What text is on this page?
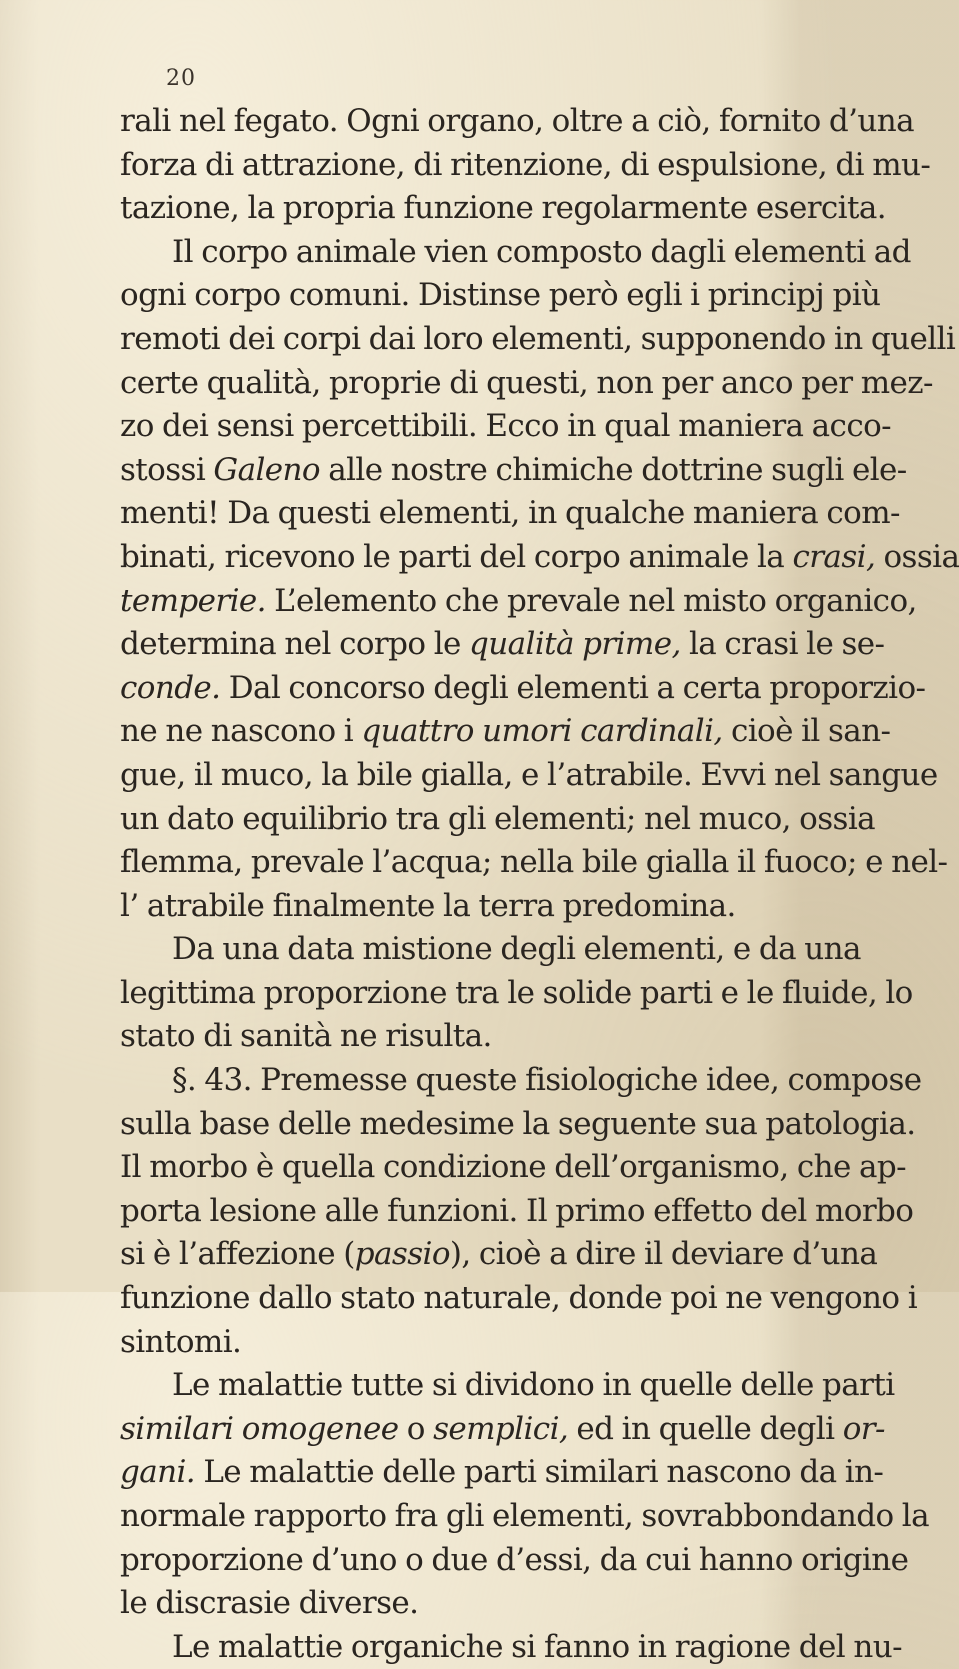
20
rali nel fegato. Ogni organo, oltre a ciò, fornito d’una
forza di attrazione, di ritenzione, di espulsione, di mu-
tazione, la propria funzione regolarmente esercita.
Il corpo animale vien composto dagli elementi ad
ogni corpo comuni. Distinse però egli i principj più
remoti dei corpi dai loro elementi, supponendo in quelli
certe qualità, proprie di questi, non per anco per mez-
zo dei sensi percettibili. Ecco in qual maniera acco-
stossi Galeno alle nostre chimiche dottrine sugli ele-
menti! Da questi elementi, in qualche maniera com-
binati, ricevono le parti del corpo animale la crasi, ossia
temperie. L’elemento che prevale nel misto organico,
determina nel corpo le qualità prime, la crasi le se-
conde. Dal concorso degli elementi a certa proporzio-
ne ne nascono i quattro umori cardinali, cioè il san-
gue, il muco, la bile gialla, e l’atrabile. Evvi nel sangue
un dato equilibrio tra gli elementi; nel muco, ossia
flemma, prevale l’acqua; nella bile gialla il fuoco; e nel-
l’ atrabile finalmente la terra predomina.
Da una data mistione degli elementi, e da una
legittima proporzione tra le solide parti e le fluide, lo
stato di sanità ne risulta.
§. 43. Premesse queste fisiologiche idee, compose
sulla base delle medesime la seguente sua patologia.
Il morbo è quella condizione dell’organismo, che ap-
porta lesione alle funzioni. Il primo effetto del morbo
si è l’affezione (passio), cioè a dire il deviare d’una
funzione dallo stato naturale, donde poi ne vengono i
sintomi.
Le malattie tutte si dividono in quelle delle parti
similari omogenee o semplici, ed in quelle degli or-
gani. Le malattie delle parti similari nascono da in-
normale rapporto fra gli elementi, sovrabbondando la
proporzione d’uno o due d’essi, da cui hanno origine
le discrasie diverse.
Le malattie organiche si fanno in ragione del nu-
